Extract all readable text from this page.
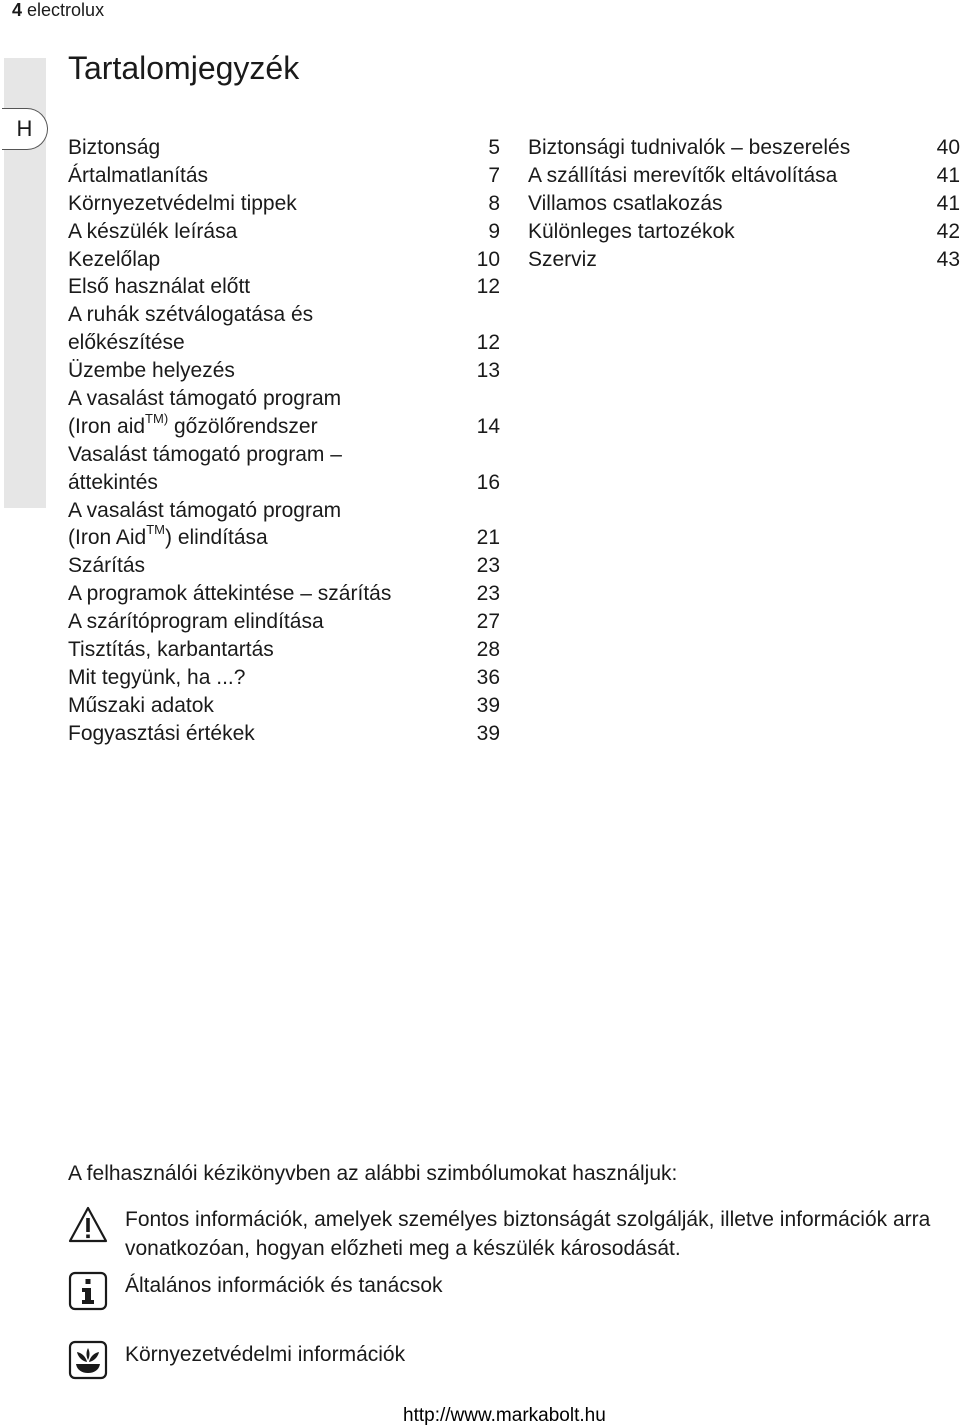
4 electrolux
H
Tartalomjegyzék
Biztonság	5
Ártalmatlanítás	7
Környezetvédelmi tippek	8
A készülék leírása	9
Kezelőlap	10
Első használat előtt	12
A ruhák szétválogatása és
előkészítése	12
Üzembe helyezés	13
A vasalást támogató program
(Iron aid$^{TM)}$ gőzölőrendszer	14
Vasalást támogató program –
áttekintés	16
A vasalást támogató program
(Iron Aid™) elindítása	21
Szárítás	23
A programok áttekintése – szárítás	23
A szárítóprogram elindítása	27
Tisztítás, karbantartás	28
Mit tegyünk, ha ...?	36
Műszaki adatok	39
Fogyasztási értékek	39
Biztonsági tudnivalók – beszerelés	40
A szállítási merevítők eltávolítása	41
Villamos csatlakozás	41
Különleges tartozékok	42
Szerviz	43
A felhasználói kézikönyvben az alábbi szimbólumokat használjuk:
Fontos információk, amelyek személyes biztonságát szolgálják, illetve információk arra vonatkozóan, hogyan előzheti meg a készülék károsodását.
Általános információk és tanácsok
Környezetvédelmi információk
http://www.markabolt.hu
